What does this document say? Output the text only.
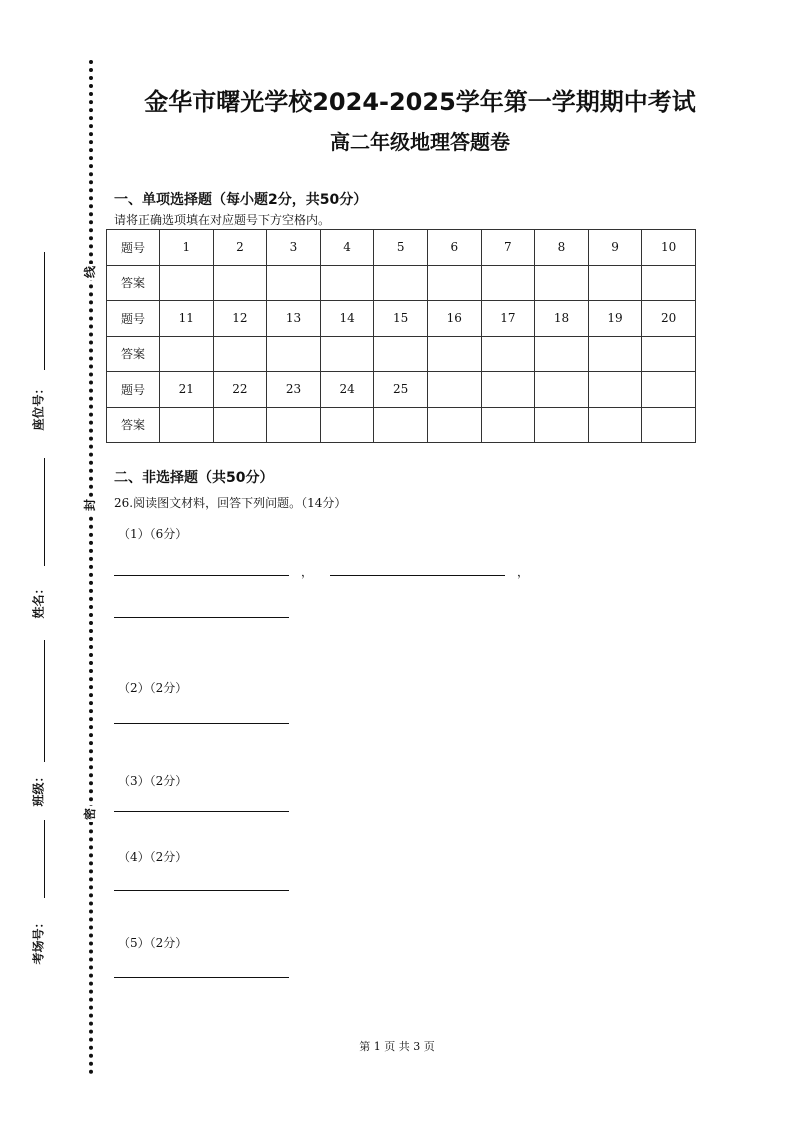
线
封
密
座位号：
姓名：
班级：
考场号：
金华市曙光学校2024-2025学年第一学期期中考试
高二年级地理答题卷
一、单项选择题（每小题2分，共50分）
请将正确选项填在对应题号下方空格内。
题号	1	2	3	4	5	6	7	8	9	10
答案										
题号	11	12	13	14	15	16	17	18	19	20
答案										
题号	21	22	23	24	25					
答案										
二、非选择题（共50分）
26.阅读图文材料，回答下列问题。（14分）
（1）（6分）
，	，
（2）（2分）
（3）（2分）
（4）（2分）
（5）（2分）
第 1 页 共 3 页
